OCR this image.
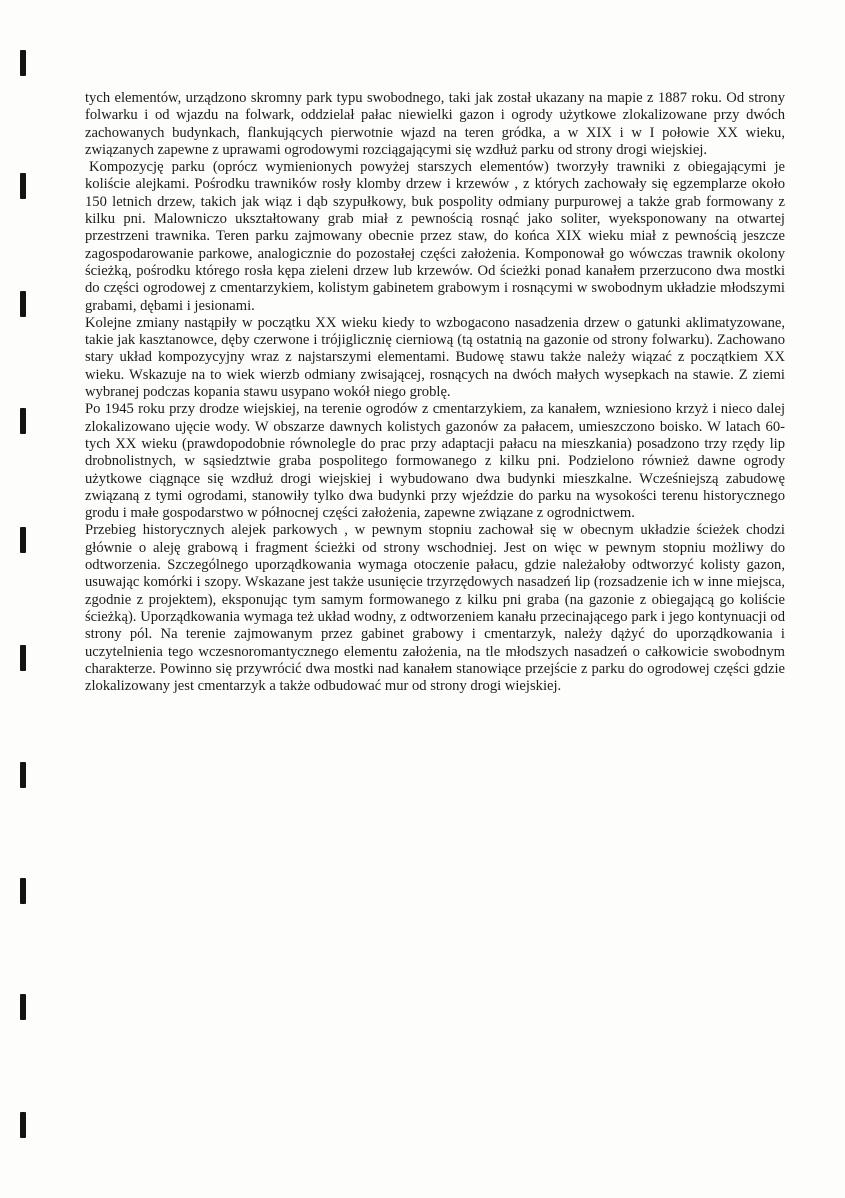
tych elementów, urządzono skromny park typu swobodnego, taki jak został ukazany na mapie z 1887 roku. Od strony folwarku i od wjazdu na folwark, oddzielał pałac niewielki gazon i ogrody użytkowe zlokalizowane przy dwóch zachowanych budynkach, flankujących pierwotnie wjazd na teren gródka, a w XIX i w I połowie XX wieku, związanych zapewne z uprawami ogrodowymi rozciągającymi się wzdłuż parku od strony drogi wiejskiej.

Kompozycję parku (oprócz wymienionych powyżej starszych elementów) tworzyły trawniki z obiegającymi je koliście alejkami. Pośrodku trawników rosły klomby drzew i krzewów , z których zachowały się egzemplarze około 150 letnich drzew, takich jak wiąz i dąb szypułkowy, buk pospolity odmiany purpurowej a także grab formowany z kilku pni. Malowniczo ukształtowany grab miał z pewnością rosnąć jako soliter, wyeksponowany na otwartej przestrzeni trawnika. Teren parku zajmowany obecnie przez staw, do końca XIX wieku miał z pewnością jeszcze zagospodarowanie parkowe, analogicznie do pozostałej części założenia. Komponował go wówczas trawnik okolony ścieżką, pośrodku którego rosła kępa zieleni drzew lub krzewów. Od ścieżki ponad kanałem przerzucono dwa mostki do części ogrodowej z cmentarzykiem, kolistym gabinetem grabowym i rosnącymi w swobodnym układzie młodszymi grabami, dębami i jesionami.

Kolejne zmiany nastąpiły w początku XX wieku kiedy to wzbogacono nasadzenia drzew o gatunki aklimatyzowane, takie jak kasztanowce, dęby czerwone i trójiglicznię cierniową (tą ostatnią na gazonie od strony folwarku). Zachowano stary układ kompozycyjny wraz z najstarszymi elementami. Budowę stawu także należy wiązać z początkiem XX wieku. Wskazuje na to wiek wierzb odmiany zwisającej, rosnących na dwóch małych wysepkach na stawie. Z ziemi wybranej podczas kopania stawu usypano wokół niego groblę.

Po 1945 roku przy drodze wiejskiej, na terenie ogrodów z cmentarzykiem, za kanałem, wzniesiono krzyż i nieco dalej zlokalizowano ujęcie wody. W obszarze dawnych kolistych gazonów za pałacem, umieszczono boisko. W latach 60-tych XX wieku (prawdopodobnie równolegle do prac przy adaptacji pałacu na mieszkania) posadzono trzy rzędy lip drobnolistnych, w sąsiedztwie graba pospolitego formowanego z kilku pni. Podzielono również dawne ogrody użytkowe ciągnące się wzdłuż drogi wiejskiej i wybudowano dwa budynki mieszkalne. Wcześniejszą zabudowę związaną z tymi ogrodami, stanowiły tylko dwa budynki przy wjeździe do parku na wysokości terenu historycznego grodu i małe gospodarstwo w północnej części założenia, zapewne związane z ogrodnictwem.

Przebieg historycznych alejek parkowych , w pewnym stopniu zachował się w obecnym układzie ścieżek chodzi głównie o aleję grabową i fragment ścieżki od strony wschodniej. Jest on więc w pewnym stopniu możliwy do odtworzenia. Szczególnego uporządkowania wymaga otoczenie pałacu, gdzie należałoby odtworzyć kolisty gazon, usuwając komórki i szopy. Wskazane jest także usunięcie trzyrzędowych nasadzeń lip (rozsadzenie ich w inne miejsca, zgodnie z projektem), eksponując tym samym formowanego z kilku pni graba (na gazonie z obiegającą go koliście ścieżką). Uporządkowania wymaga też układ wodny, z odtworzeniem kanału przecinającego park i jego kontynuacji od strony pól. Na terenie zajmowanym przez gabinet grabowy i cmentarzyk, należy dążyć do uporządkowania i uczytelnienia tego wczesnoromantycznego elementu założenia, na tle młodszych nasadzeń o całkowicie swobodnym charakterze. Powinno się przywrócić dwa mostki nad kanałem stanowiące przejście z parku do ogrodowej części gdzie zlokalizowany jest cmentarzyk a także odbudować mur od strony drogi wiejskiej.
